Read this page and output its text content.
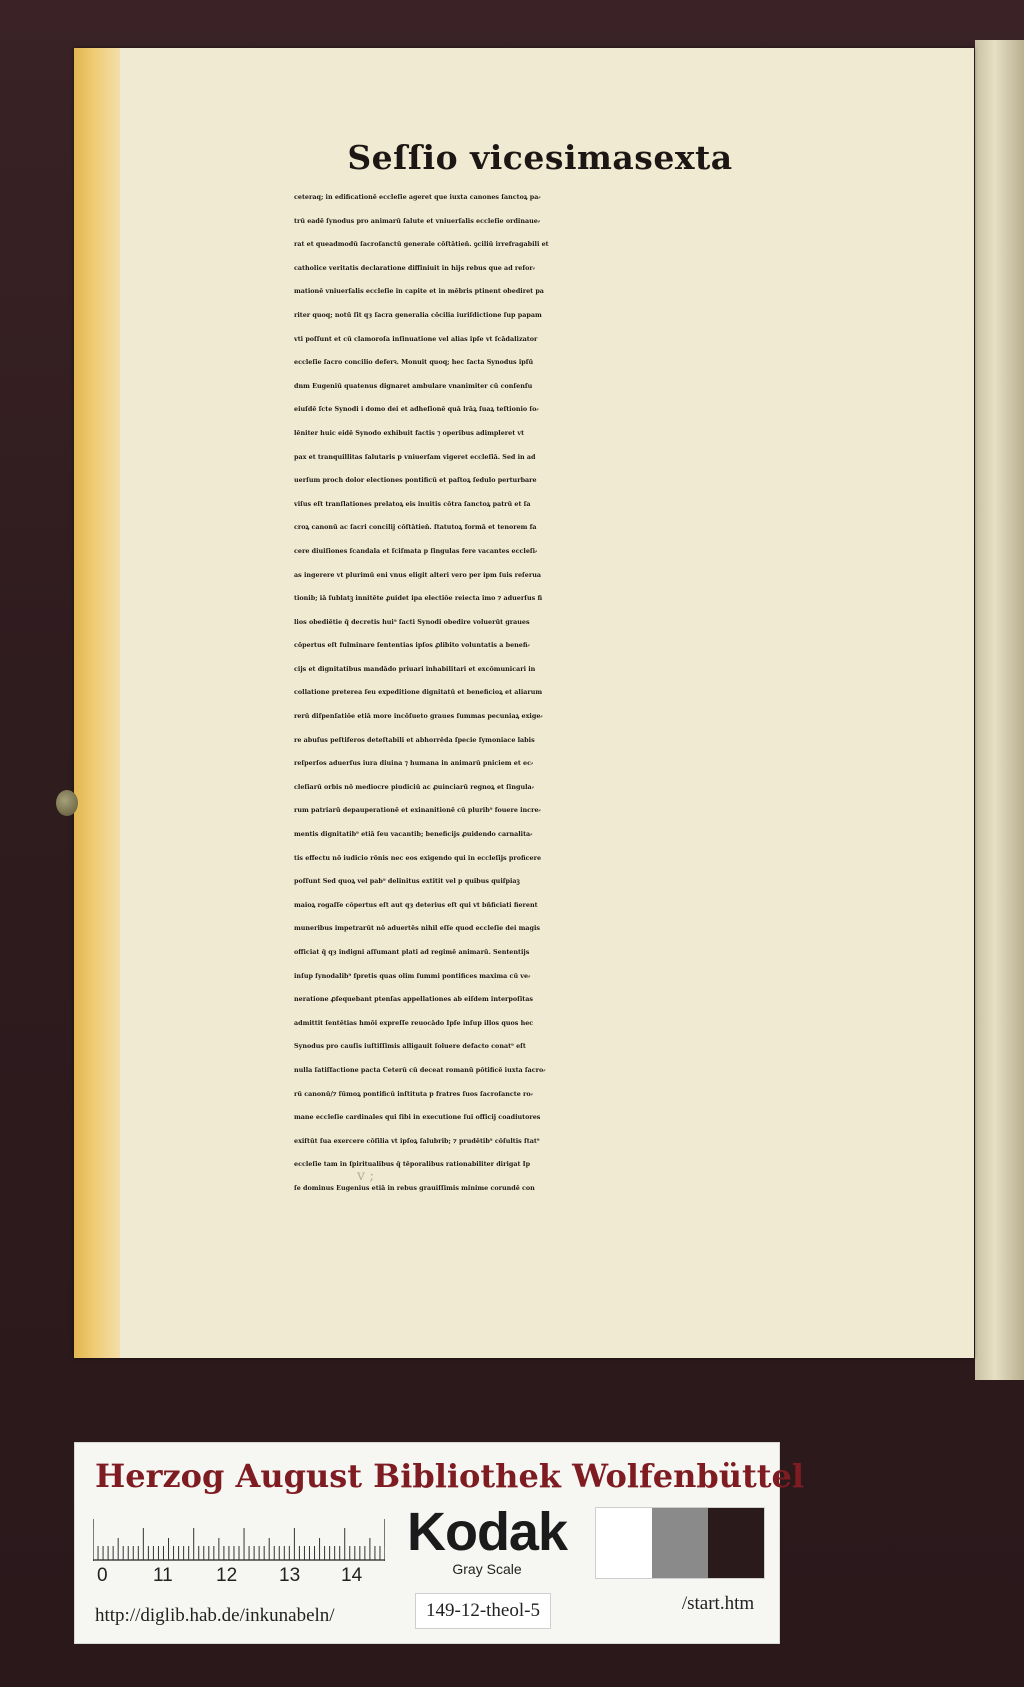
Seſſio vicesimasexta
ceteraq; in edificationē eccleſie ageret que iuxta canones ſanctoꝝ pa⸗
trū eadē ſynodus pro animarū ſalute et vniuerſalis eccleſie ordinaue⸗
rat et queadmodū ſacroſanctū generale cōſtātieñ. ꝯciliū irrefragabili et
catholice veritatis declaratione diffiniuit in hijs rebus que ad refor⸗
mationē vniuerſalis eccleſie in capite et in mēbris ptinent obediret pa
riter quoq; notū ſit qȝ ſacra generalia cōcilia iuriſdictione ſup papam
vti poſſunt et cū clamoroſa inſinuatione vel alias ipſe vt ſcādalizator
eccleſie ſacro concilio deferꝛ. Monuit quoq; hec ſacta Synodus ipſū
dnm Eugeniū quatenus dignaret ambulare vnanimiter cū conſenſu
eiuſdē ſcte Synodi i domo dei et adheſionē quā lrāꝝ ſuaꝝ teſtionio ſo⸗
lēniter huic eidē Synodo exhibuit factis ⁊ operibus adimpleret vt
pax et tranquillitas ſalutaris p vniuerſam vigeret eccleſiā. Sed in ad
uerſum proch dolor electiones pontificū et paſtoꝝ ſedulo perturbare
viſus eſt tranſlationes prelatoꝝ eis inuitis cōtra ſanctoꝝ patrū et ſa
croꝝ canonū ac ſacri concilij cōſtātieñ. ſtatutoꝝ formā et tenorem fa
cere diuiſiones ſcandala et ſciſmata p ſingulas fere vacantes eccleſi⸗
as ingerere vt plurimū eni vnus eligit alteri vero per ipm ſuis reſerua
tionib; iā ſublatꝫ innitēte ꝓuidet ipa electiōe reiecta imo ⁊ aduerſus fi
lios obediētie q̄ decretis hui⁹ ſacti Synodi obedire voluerūt graues
cōpertus eſt fulminare ſententias ipſos ꝓlibito voluntatis a benefi⸗
cijs et dignitatibus mandādo priuari inhabilitari et excōmunicari in
collatione preterea ſeu expeditione dignitatū et beneficioꝝ et aliarum
rerū diſpenſatiōe etiā more incōſueto graues ſummas pecuniaꝝ exige⸗
re abuſus peſtiferos deteſtabili et abhorrēda ſpecie ſymoniace labis
reſperſos aduerſus iura diuina ⁊ humana in animarū pniciem et ec⸗
cleſiarū orbis nō mediocre piudiciū ac ꝓuinciarū regnoꝝ et ſingula⸗
rum patriarū depauperationē et exinanitionē cū plurib⁹ fouere incre⸗
mentis dignitatib⁹ etiā ſeu vacantib; beneficijs ꝓuidendo carnalita⸗
tis effectu nō iudicio rōnis nec eos exigendo qui in eccleſijs proficere
poſſunt Sed quoꝝ vel pab⁹ delinitus extitit vel p quibus quiſpiaꝫ
maioꝝ rogaſſe cōpertus eſt aut qȝ deterius eſt qui vt bñficiati fierent
muneribus impetrarūt nō aduertēs nihil eſſe quod eccleſie dei magis
officiat q̄ qȝ indigni aſſumant plati ad regimē animarū. Sententijs
inſup ſynodalib⁹ ſpretis quas olim ſummi pontifices maxima cū ve⸗
neratione ꝓſequebant ptenſas appellationes ab eiſdem interpoſitas
admittit ſentētias hmōi expreſſe reuocādo Ipſe inſup illos quos hec
Synodus pro cauſis iuſtiſſimis alligauit ſoluere defacto conat⁹ eſt
nulla ſatiſfactione pacta Ceterū cū deceat romanū pōtificē iuxta ſacro⸗
rū canonū/⁊ ſūmoꝝ pontificū inſtituta p fratres ſuos ſacroſancte ro⸗
mane eccleſie cardinales qui ſibi in executione ſui officij coadiutores
exiſtūt ſua exercere cōſilia vt ipſoꝝ ſalubrib; ⁊ prudētib⁹ cōſultis ſtat⁹
eccleſie tam in ſpiritualibus q̄ tēporalibus rationabiliter dirigat Ip
ſe dominus Eugenius etiā in rebus grauiſſimis minime corundē con
v ;
Herzog August Bibliothek Wolfenbüttel
0 11 12 13 14
Kodak
Gray Scale
http://diglib.hab.de/inkunabeln/	149-12-theol-5	/start.htm
